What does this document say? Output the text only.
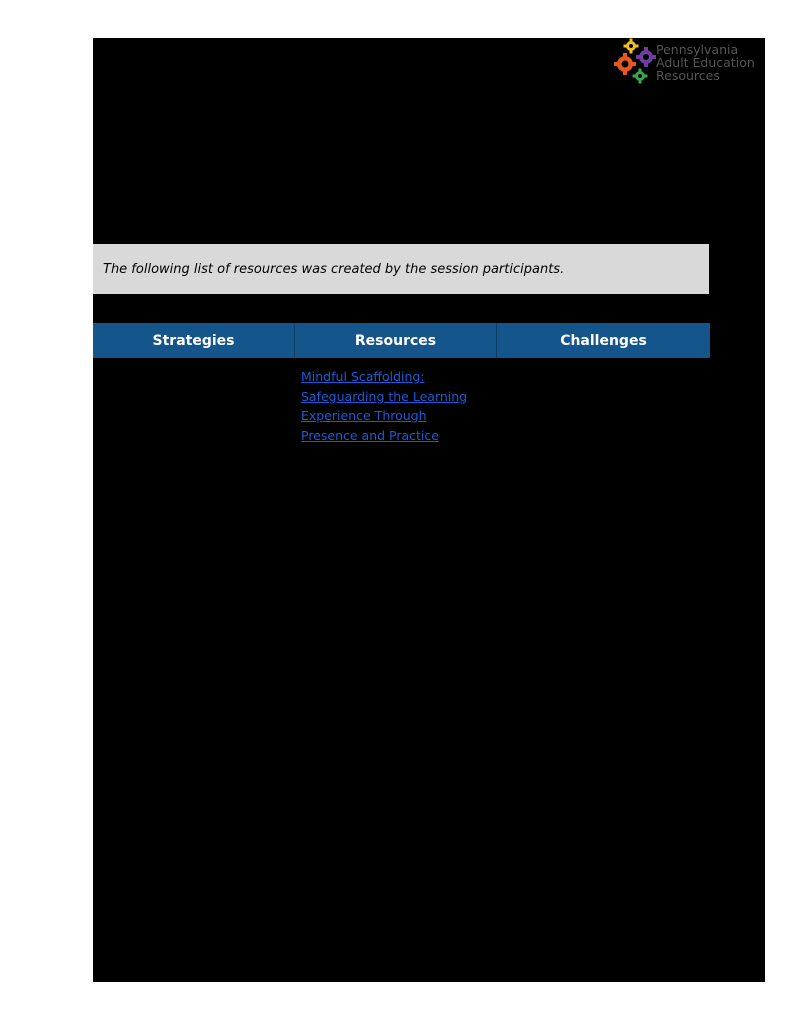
Pennsylvania
Adult Education
Resources

The following list of resources was created by the session participants.

Strategies	Resources	Challenges
Mindful Scaffolding:
Safeguarding the Learning
Experience Through
Presence and Practice
